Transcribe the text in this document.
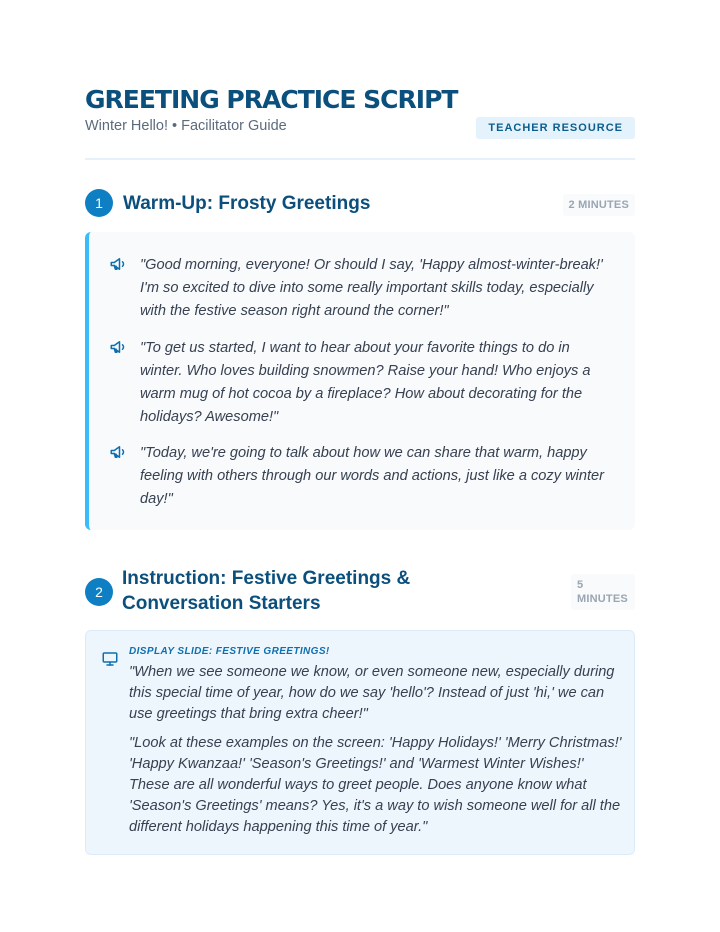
GREETING PRACTICE SCRIPT
Winter Hello! • Facilitator Guide	TEACHER RESOURCE
1	Warm-Up: Frosty Greetings	2 MINUTES
"Good morning, everyone! Or should I say, 'Happy almost-winter-break!' I'm so excited to dive into some really important skills today, especially with the festive season right around the corner!"
"To get us started, I want to hear about your favorite things to do in winter. Who loves building snowmen? Raise your hand! Who enjoys a warm mug of hot cocoa by a fireplace? How about decorating for the holidays? Awesome!"
"Today, we're going to talk about how we can share that warm, happy feeling with others through our words and actions, just like a cozy winter day!"
2
Instruction: Festive Greetings & Conversation Starters
5 MINUTES
DISPLAY SLIDE: FESTIVE GREETINGS!
"When we see someone we know, or even someone new, especially during this special time of year, how do we say 'hello'? Instead of just 'hi,' we can use greetings that bring extra cheer!"
"Look at these examples on the screen: 'Happy Holidays!' 'Merry Christmas!' 'Happy Kwanzaa!' 'Season's Greetings!' and 'Warmest Winter Wishes!' These are all wonderful ways to greet people. Does anyone know what 'Season's Greetings' means? Yes, it's a way to wish someone well for all the different holidays happening this time of year."
